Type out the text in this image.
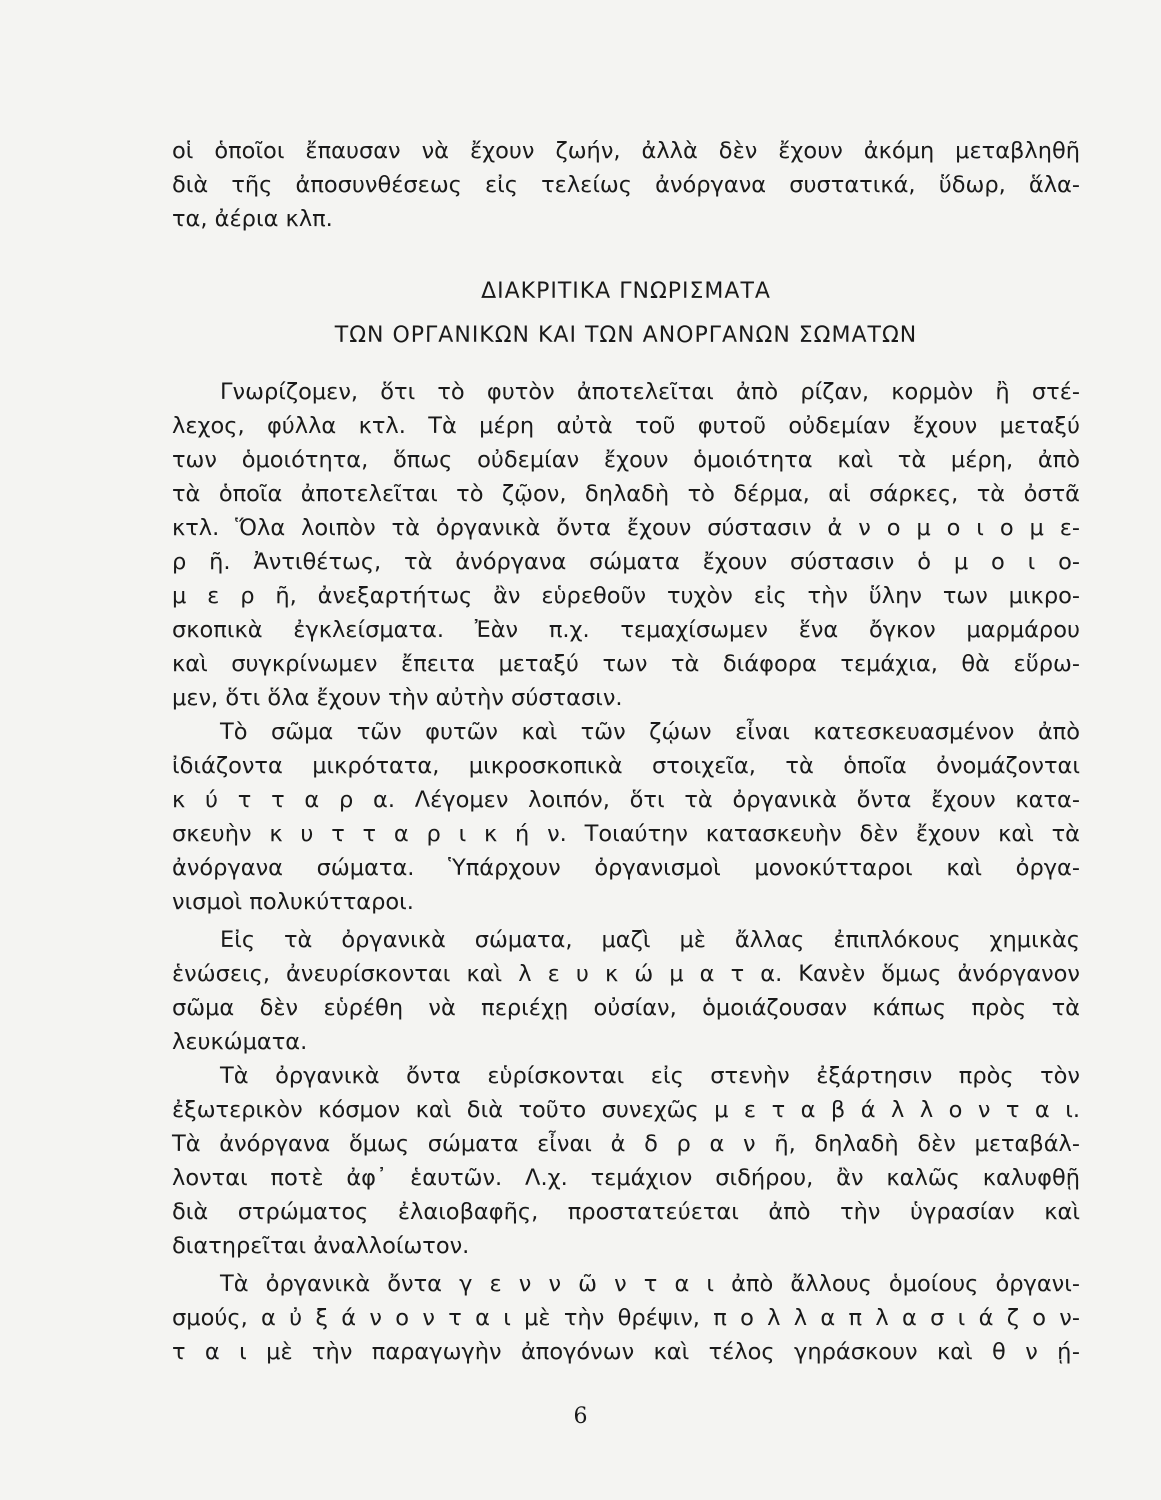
οἱ ὁποῖοι ἔπαυσαν νὰ ἔχουν ζωήν, ἀλλὰ δὲν ἔχουν ἀκόμη μεταβληθῆ
διὰ τῆς ἀποσυνθέσεως εἰς τελείως ἀνόργανα συστατικά, ὕδωρ, ἅλα-
τα, ἀέρια κλπ.
ΔΙΑΚΡΙΤΙΚΑ ΓΝΩΡΙΣΜΑΤΑ
ΤΩΝ ΟΡΓΑΝΙΚΩΝ ΚΑΙ ΤΩΝ ΑΝΟΡΓΑΝΩΝ ΣΩΜΑΤΩΝ
Γνωρίζομεν, ὅτι τὸ φυτὸν ἀποτελεῖται ἀπὸ ρίζαν, κορμὸν ἢ στέ-
λεχος, φύλλα κτλ. Τὰ μέρη αὐτὰ τοῦ φυτοῦ οὐδεμίαν ἔχουν μεταξύ
των ὁμοιότητα, ὅπως οὐδεμίαν ἔχουν ὁμοιότητα καὶ τὰ μέρη, ἀπὸ
τὰ ὁποῖα ἀποτελεῖται τὸ ζῷον, δηλαδὴ τὸ δέρμα, αἱ σάρκες, τὰ ὀστᾶ
κτλ. Ὅλα λοιπὸν τὰ ὀργανικὰ ὄντα ἔχουν σύστασιν ἀ ν ο μ ο ι ο μ ε-
ρ ῆ. Ἀντιθέτως, τὰ ἀνόργανα σώματα ἔχουν σύστασιν ὁ μ ο ι ο-
μ ε ρ ῆ, ἀνεξαρτήτως ἂν εὑρεθοῦν τυχὸν εἰς τὴν ὕλην των μικρο-
σκοπικὰ ἐγκλείσματα. Ἐὰν π.χ. τεμαχίσωμεν ἕνα ὄγκον μαρμάρου
καὶ συγκρίνωμεν ἔπειτα μεταξύ των τὰ διάφορα τεμάχια, θὰ εὕρω-
μεν, ὅτι ὅλα ἔχουν τὴν αὐτὴν σύστασιν.
Τὸ σῶμα τῶν φυτῶν καὶ τῶν ζῴων εἶναι κατεσκευασμένον ἀπὸ
ἰδιάζοντα μικρότατα, μικροσκοπικὰ στοιχεῖα, τὰ ὁποῖα ὀνομάζονται
κ ύ τ τ α ρ α. Λέγομεν λοιπόν, ὅτι τὰ ὀργανικὰ ὄντα ἔχουν κατα-
σκευὴν κ υ τ τ α ρ ι κ ή ν. Τοιαύτην κατασκευὴν δὲν ἔχουν καὶ τὰ
ἀνόργανα σώματα. Ὑπάρχουν ὀργανισμοὶ μονοκύτταροι καὶ ὀργα-
νισμοὶ πολυκύτταροι.
Εἰς τὰ ὀργανικὰ σώματα, μαζὶ μὲ ἄλλας ἐπιπλόκους χημικὰς
ἑνώσεις, ἀνευρίσκονται καὶ λ ε υ κ ώ μ α τ α. Κανὲν ὅμως ἀνόργανον
σῶμα δὲν εὑρέθη νὰ περιέχῃ οὐσίαν, ὁμοιάζουσαν κάπως πρὸς τὰ
λευκώματα.
Τὰ ὀργανικὰ ὄντα εὑρίσκονται εἰς στενὴν ἐξάρτησιν πρὸς τὸν
ἐξωτερικὸν κόσμον καὶ διὰ τοῦτο συνεχῶς μ ε τ α β ά λ λ ο ν τ α ι.
Τὰ ἀνόργανα ὅμως σώματα εἶναι ἀ δ ρ α ν ῆ, δηλαδὴ δὲν μεταβάλ-
λονται ποτὲ ἀφ᾽ ἑαυτῶν. Λ.χ. τεμάχιον σιδήρου, ἂν καλῶς καλυφθῇ
διὰ στρώματος ἐλαιοβαφῆς, προστατεύεται ἀπὸ τὴν ὑγρασίαν καὶ
διατηρεῖται ἀναλλοίωτον.
Τὰ ὀργανικὰ ὄντα γ ε ν ν ῶ ν τ α ι ἀπὸ ἄλλους ὁμοίους ὀργανι-
σμούς, α ὐ ξ ά ν ο ν τ α ι μὲ τὴν θρέψιν, π ο λ λ α π λ α σ ι ά ζ ο ν-
τ α ι μὲ τὴν παραγωγὴν ἀπογόνων καὶ τέλος γηράσκουν καὶ θ ν ῄ-
6
